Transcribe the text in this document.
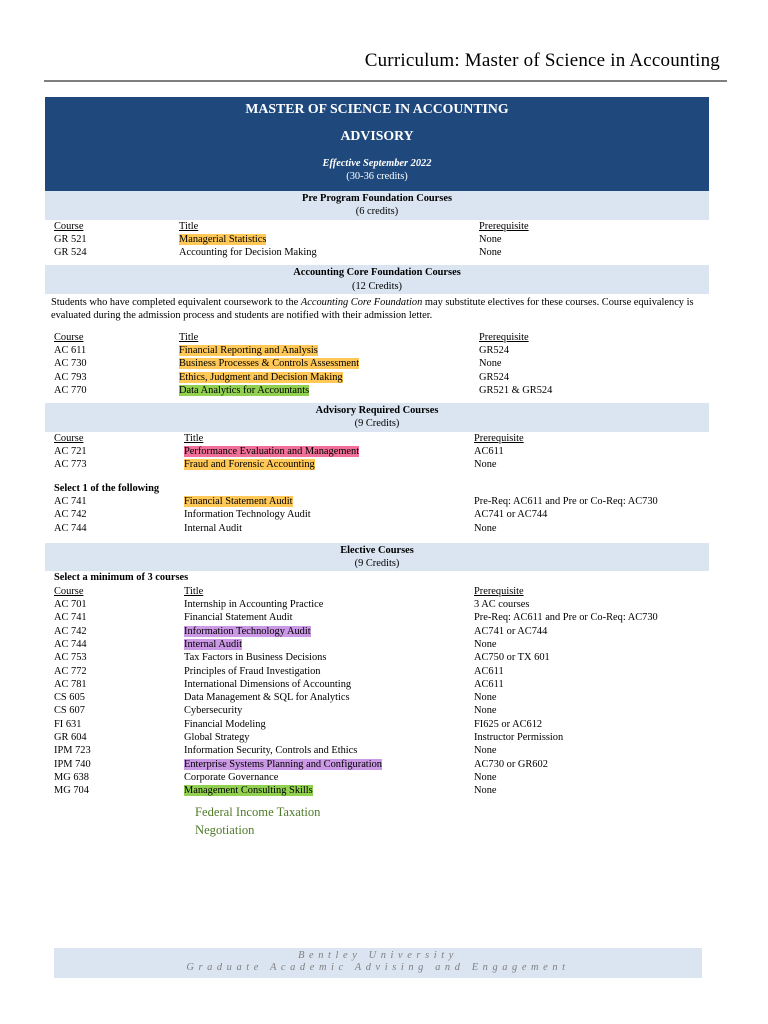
Curriculum: Master of Science in Accounting
MASTER OF SCIENCE IN ACCOUNTING
ADVISORY
Effective September 2022
(30-36 credits)
Pre Program Foundation Courses
(6 credits)
Course	Title	Prerequisite
GR 521	Managerial Statistics	None
GR 524	Accounting for Decision Making	None
Accounting Core Foundation Courses
(12 Credits)
Students who have completed equivalent coursework to the Accounting Core Foundation may substitute electives for these courses. Course equivalency is evaluated during the admission process and students are notified with their admission letter.
Course	Title	Prerequisite
AC 611	Financial Reporting and Analysis	GR524
AC 730	Business Processes & Controls Assessment	None
AC 793	Ethics, Judgment and Decision Making	GR524
AC 770	Data Analytics for Accountants	GR521 & GR524
Advisory Required Courses
(9 Credits)
Course	Title	Prerequisite
AC 721	Performance Evaluation and Management	AC611
AC 773	Fraud and Forensic Accounting	None
Select 1 of the following
AC 741	Financial Statement Audit	Pre-Req: AC611 and Pre or Co-Req: AC730
AC 742	Information Technology Audit	AC741 or AC744
AC 744	Internal Audit	None
Elective Courses
(9 Credits)
Select a minimum of 3 courses
Course	Title	Prerequisite
AC 701	Internship in Accounting Practice	3 AC courses
AC 741	Financial Statement Audit	Pre-Req: AC611 and Pre or Co-Req: AC730
AC 742	Information Technology Audit	AC741 or AC744
AC 744	Internal Audit	None
AC 753	Tax Factors in Business Decisions	AC750 or TX 601
AC 772	Principles of Fraud Investigation	AC611
AC 781	International Dimensions of Accounting	AC611
CS 605	Data Management & SQL for Analytics	None
CS 607	Cybersecurity	None
FI 631	Financial Modeling	FI625 or AC612
GR 604	Global Strategy	Instructor Permission
IPM 723	Information Security, Controls and Ethics	None
IPM 740	Enterprise Systems Planning and Configuration	AC730 or GR602
MG 638	Corporate Governance	None
MG 704	Management Consulting Skills	None
Federal Income Taxation
Negotiation
Bentley University
Graduate Academic Advising and Engagement
